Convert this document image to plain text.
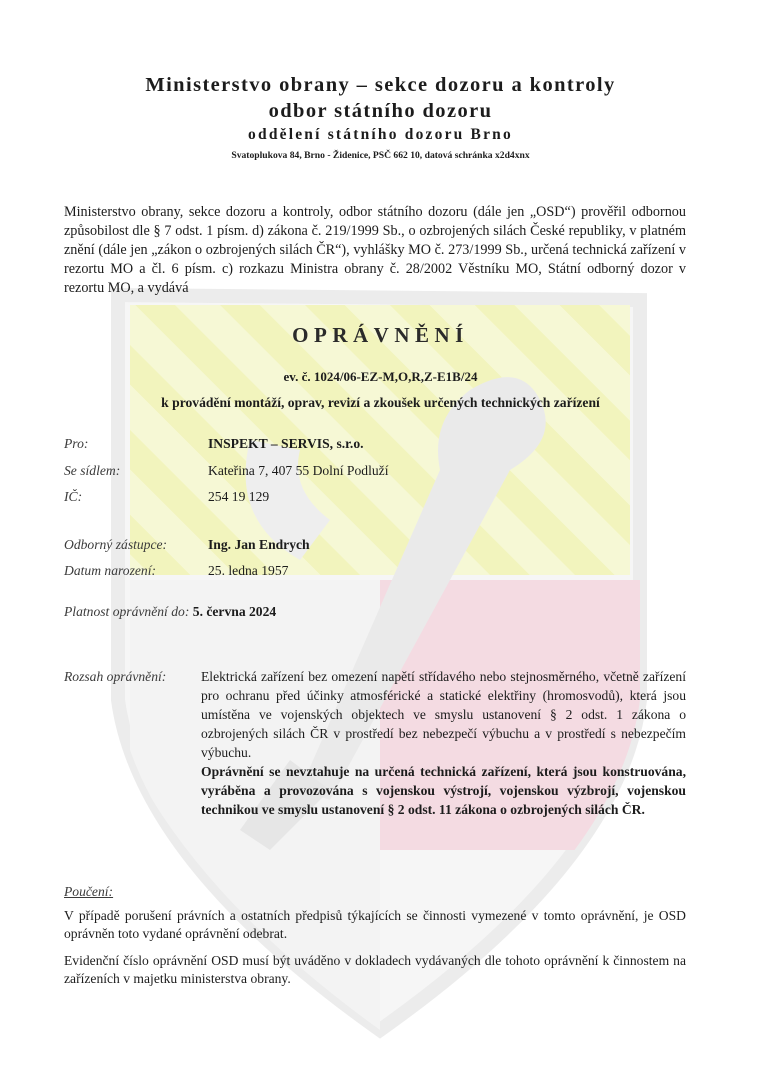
Ministerstvo obrany – sekce dozoru a kontroly
odbor státního dozoru
oddělení státního dozoru Brno
Svatoplukova 84, Brno - Židenice, PSČ 662 10, datová schránka x2d4xnx
Ministerstvo obrany, sekce dozoru a kontroly, odbor státního dozoru (dále jen „OSD“) prověřil odbornou způsobilost dle § 7 odst. 1 písm. d) zákona č. 219/1999 Sb., o ozbrojených silách České republiky, v platném znění (dále jen „zákon o ozbrojených silách ČR“), vyhlášky MO č. 273/1999 Sb., určená technická zařízení v rezortu MO a čl. 6 písm. c) rozkazu Ministra obrany č. 28/2002 Věstníku MO, Státní odborný dozor v rezortu MO, a vydává
OPRÁVNĚNÍ
ev. č. 1024/06-EZ-M,O,R,Z-E1B/24
k provádění montáží, oprav, revizí a zkoušek určených technických zařízení
Pro:	INSPEKT – SERVIS, s.r.o.
Se sídlem:	Kateřina 7, 407 55 Dolní Podluží
IČ:	254 19 129
Odborný zástupce:	Ing. Jan Endrych
Datum narození:	25. ledna 1957
Platnost oprávnění do: 5. června 2024
Rozsah oprávnění:	Elektrická zařízení bez omezení napětí střídavého nebo stejnosměrného, včetně zařízení pro ochranu před účinky atmosférické a statické elektřiny (hromosvodů), která jsou umístěna ve vojenských objektech ve smyslu ustanovení § 2 odst. 1 zákona o ozbrojených silách ČR v prostředí bez nebezpečí výbuchu a v prostředí s nebezpečím výbuchu.

Oprávnění se nevztahuje na určená technická zařízení, která jsou konstruována, vyráběna a provozována s vojenskou výstrojí, vojenskou výzbrojí, vojenskou technikou ve smyslu ustanovení § 2 odst. 11 zákona o ozbrojených silách ČR.

Poučení:
V případě porušení právních a ostatních předpisů týkajících se činnosti vymezené v tomto oprávnění, je OSD oprávněn toto vydané oprávnění odebrat.
Evidenční číslo oprávnění OSD musí být uváděno v dokladech vydávaných dle tohoto oprávnění k činnostem na zařízeních v majetku ministerstva obrany.
